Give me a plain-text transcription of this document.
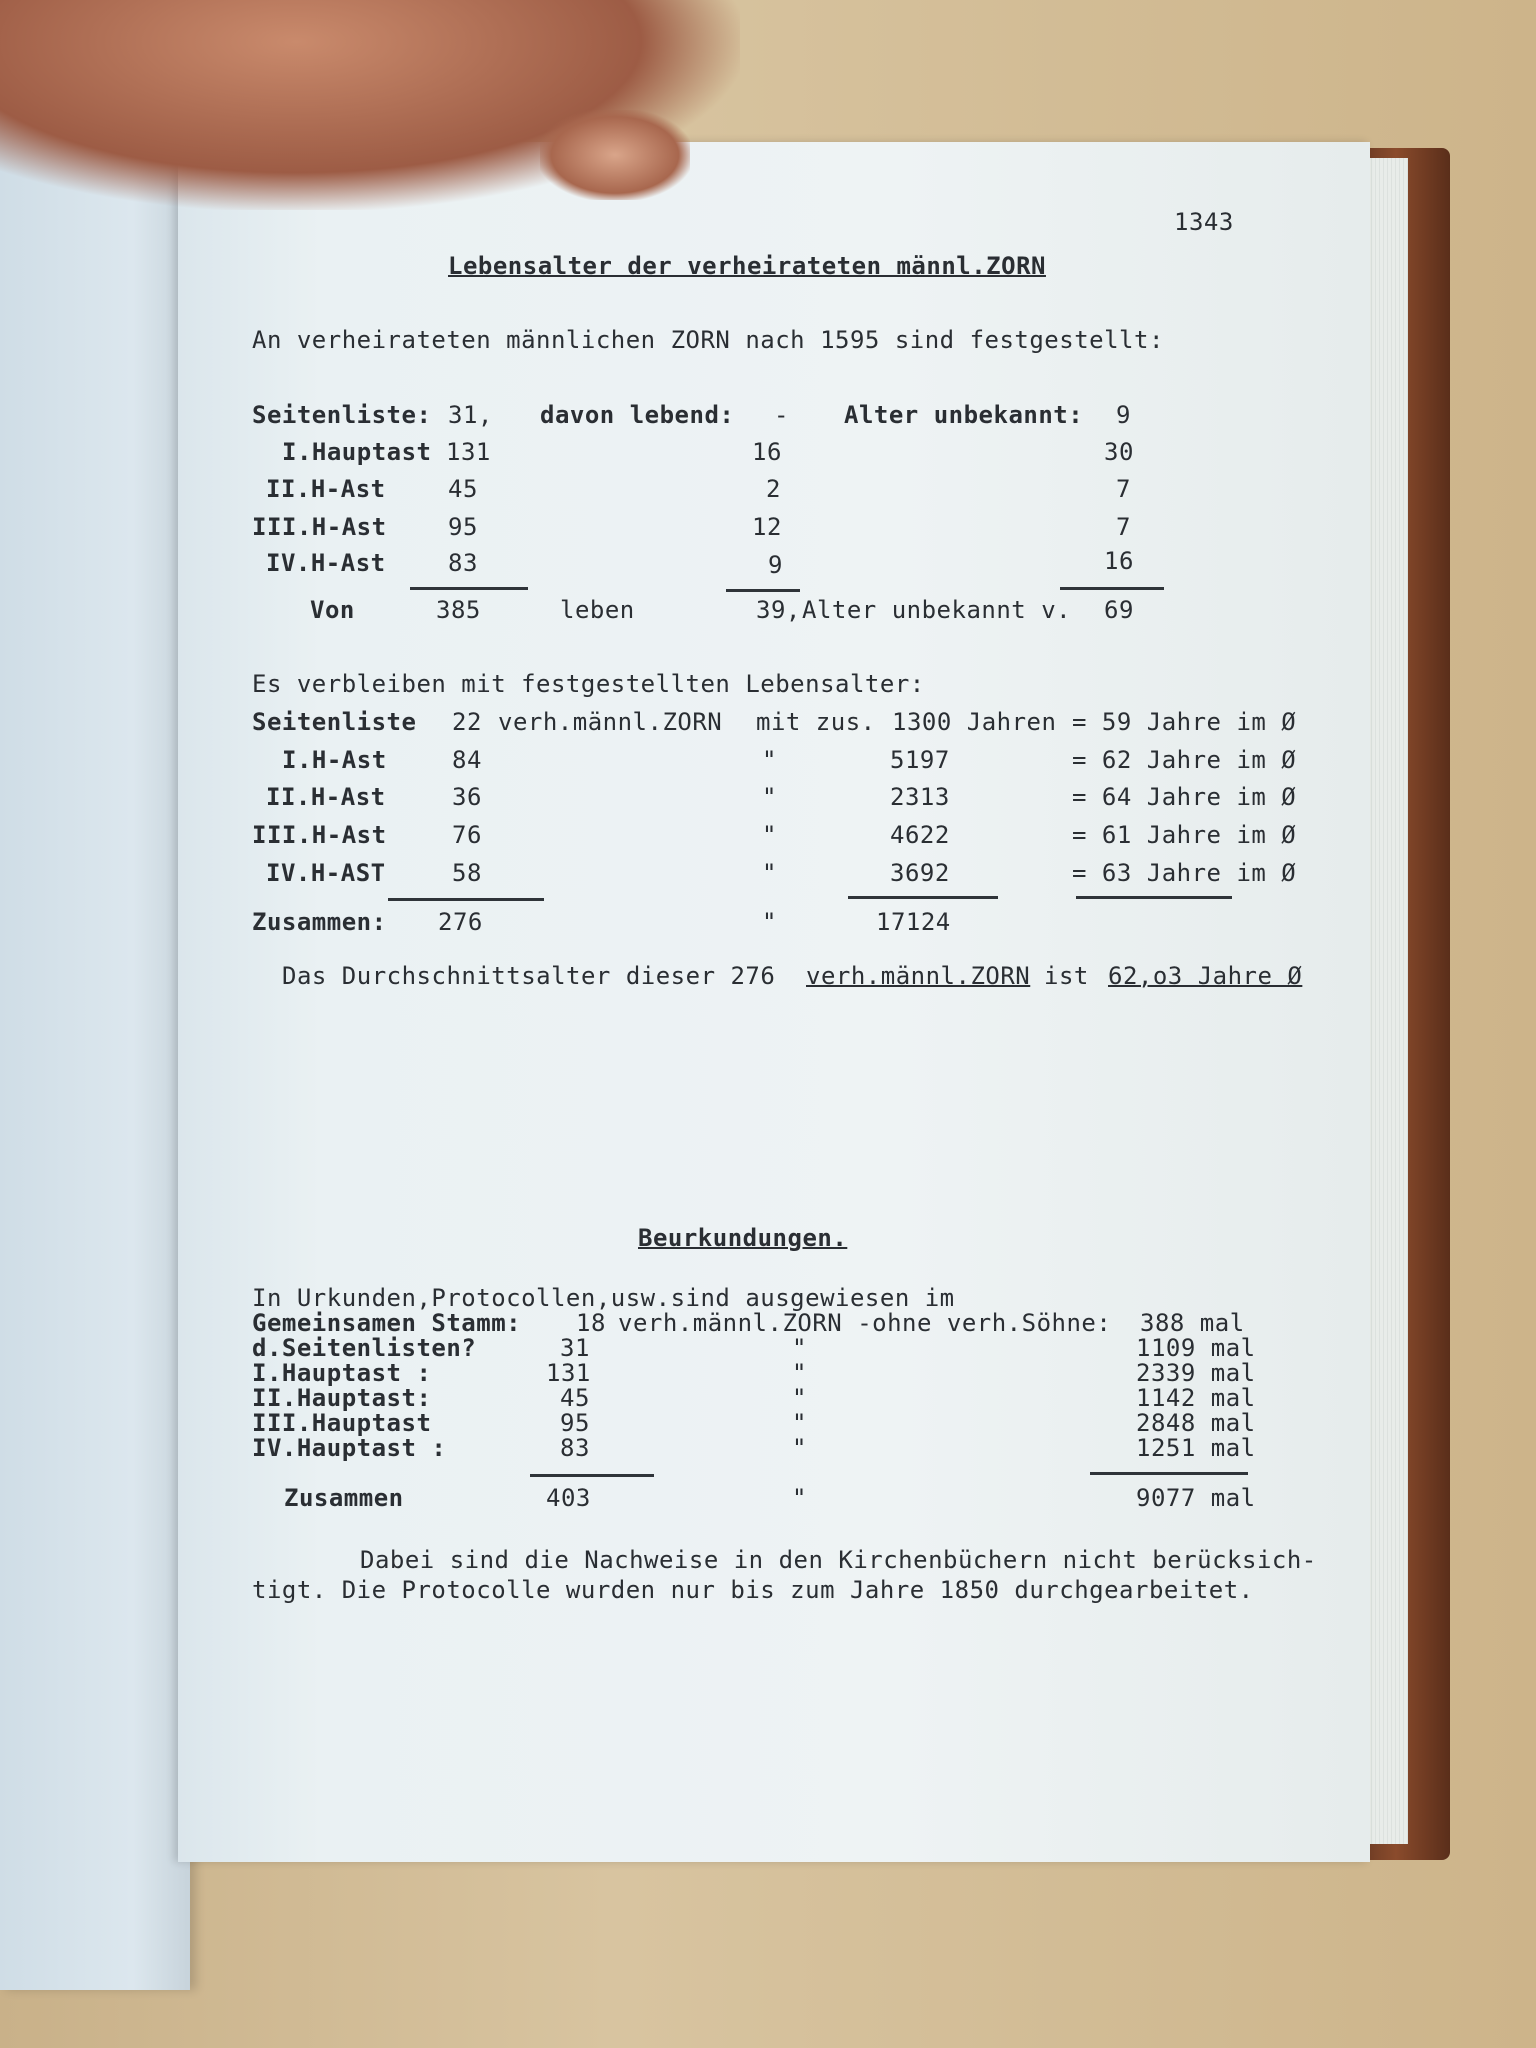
1343
Lebensalter der verheirateten männl.ZORN
An verheirateten männlichen ZORN nach 1595 sind festgestellt:
Seitenliste: 31, davon lebend: - Alter unbekannt: 9
I.Hauptast 131	16	30
II.H-Ast	45	2	7
III.H-Ast	95	12	7
IV.H-Ast	83	9	16
Von	385	leben	39, Alter unbekannt v. 69
Es verbleiben mit festgestellten Lebensalter:
Seitenliste 22 verh.männl.ZORN mit zus. 1300 Jahren = 59 Jahre im Ø
I.H-Ast	84	"	5197	= 62 Jahre im Ø
II.H-Ast	36	"	2313	= 64 Jahre im Ø
III.H-Ast	76	"	4622	= 61 Jahre im Ø
IV.H-AST	58	"	3692	= 63 Jahre im Ø
Zusammen: 276	"	17124
Das Durchschnittsalter dieser 276 verh.männl.ZORN ist 62,o3 Jahre Ø
Beurkundungen.
In Urkunden,Protocollen,usw.sind ausgewiesen im
Gemeinsamen Stamm: 18 verh.männl.ZORN -ohne verh.Söhne: 388 mal
d.Seitenlisten?	31	"	1109 mal
I.Hauptast :	131	"	2339 mal
II.Hauptast:	45	"	1142 mal
III.Hauptast	95	"	2848 mal
IV.Hauptast :	83	"	1251 mal
Zusammen	403	"	9077 mal
Dabei sind die Nachweise in den Kirchenbüchern nicht berücksich-
tigt. Die Protocolle wurden nur bis zum Jahre 1850 durchgearbeitet.
